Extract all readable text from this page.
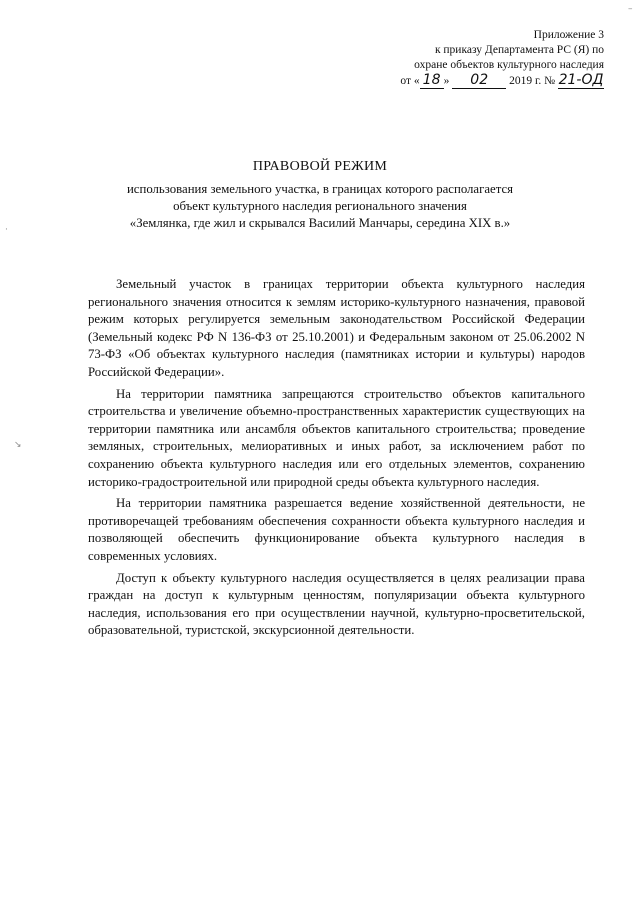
Приложение 3
к приказу Департамента РС (Я) по
охране объектов культурного наследия
от « 18 » 02 2019 г. № 21-ОД
ПРАВОВОЙ РЕЖИМ
использования земельного участка, в границах которого располагается
объект культурного наследия регионального значения
«Землянка, где жил и скрывался Василий Манчары, середина XIX в.»

Земельный участок в границах территории объекта культурного наследия регионального значения относится к землям историко-культурного назначения, правовой режим которых регулируется земельным законодательством Российской Федерации (Земельный кодекс РФ N 136-ФЗ от 25.10.2001) и Федеральным законом от 25.06.2002 N 73-ФЗ «Об объектах культурного наследия (памятниках истории и культуры) народов Российской Федерации».

На территории памятника запрещаются строительство объектов капитального строительства и увеличение объемно-пространственных характеристик существующих на территории памятника или ансамбля объектов капитального строительства; проведение земляных, строительных, мелиоративных и иных работ, за исключением работ по сохранению объекта культурного наследия или его отдельных элементов, сохранению историко-градостроительной или природной среды объекта культурного наследия.

На территории памятника разрешается ведение хозяйственной деятельности, не противоречащей требованиям обеспечения сохранности объекта культурного наследия и позволяющей обеспечить функционирование объекта культурного наследия в современных условиях.

Доступ к объекту культурного наследия осуществляется в целях реализации права граждан на доступ к культурным ценностям, популяризации объекта культурного наследия, использования его при осуществлении научной, культурно-просветительской, образовательной, туристской, экскурсионной деятельности.

–
·
↘
